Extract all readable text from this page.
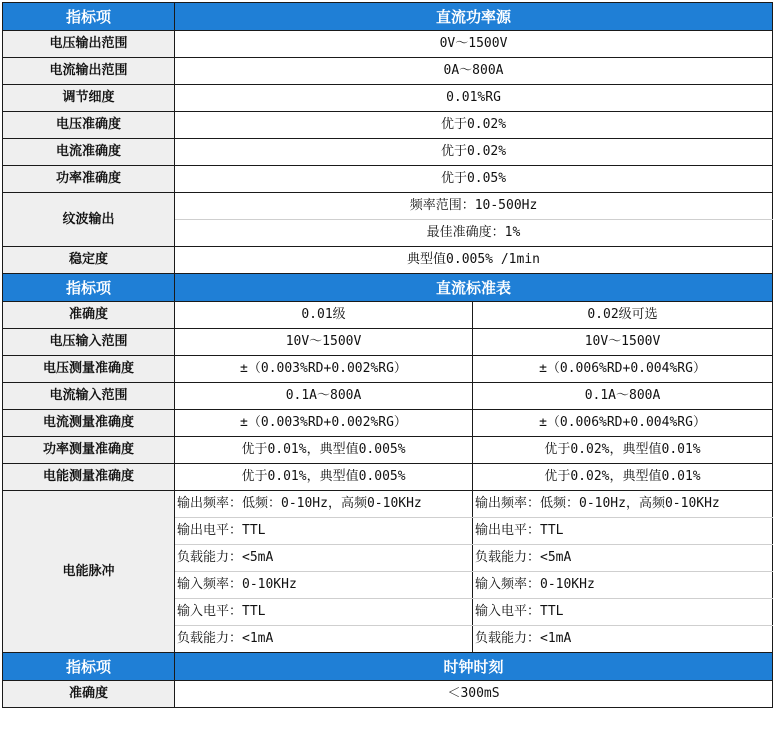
指标项	直流功率源	
电压输出范围	0V～1500V	
电流输出范围	0A～800A	
调节细度	0.01%RG	
电压准确度	优于0.02%	
电流准确度	优于0.02%	
功率准确度	优于0.05%	
纹波输出	频率范围：10-500Hz	
	最佳准确度：1%	
稳定度	典型值0.005% /1min	
指标项	直流标准表	
准确度	0.01级	0.02级可选
电压输入范围	10V～1500V	10V～1500V
电压测量准确度	±（0.003%RD+0.002%RG）	±（0.006%RD+0.004%RG）
电流输入范围	0.1A～800A	0.1A～800A
电流测量准确度	±（0.003%RD+0.002%RG）	±（0.006%RD+0.004%RG）
功率测量准确度	优于0.01%，典型值0.005%	优于0.02%，典型值0.01%
电能测量准确度	优于0.01%，典型值0.005%	优于0.02%，典型值0.01%
电能脉冲	输出频率：低频：0-10Hz，高频0-10KHz	输出频率：低频：0-10Hz，高频0-10KHz
	输出电平：TTL	输出电平：TTL
	负载能力：<5mA	负载能力：<5mA
	输入频率：0-10KHz	输入频率：0-10KHz
	输入电平：TTL	输入电平：TTL
	负载能力：<1mA	负载能力：<1mA
指标项	时钟时刻	
准确度	＜300mS	
